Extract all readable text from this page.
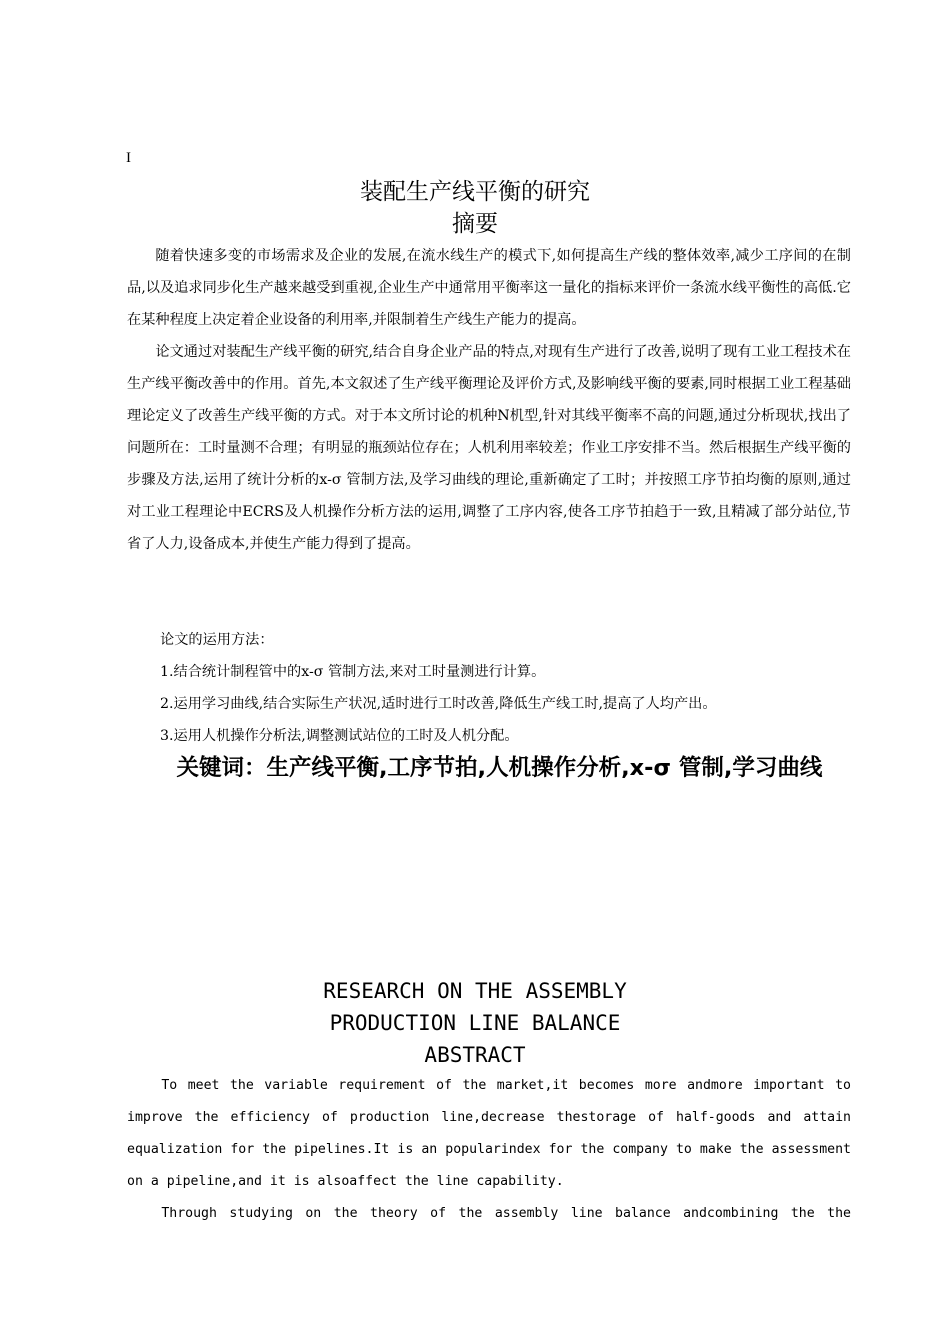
I
装配生产线平衡的研究
摘要

随着快速多变的市场需求及企业的发展,在流水线生产的模式下,如何提高生产线的整体效率,减少工序间的在制品,以及追求同步化生产越来越受到重视,企业生产中通常用平衡率这一量化的指标来评价一条流水线平衡性的高低.它在某种程度上决定着企业设备的利用率,并限制着生产线生产能力的提高。

论文通过对装配生产线平衡的研究,结合自身企业产品的特点,对现有生产进行了改善,说明了现有工业工程技术在生产线平衡改善中的作用。首先,本文叙述了生产线平衡理论及评价方式,及影响线平衡的要素,同时根据工业工程基础理论定义了改善生产线平衡的方式。对于本文所讨论的机种N机型,针对其线平衡率不高的问题,通过分析现状,找出了问题所在：工时量测不合理；有明显的瓶颈站位存在；人机利用率较差；作业工序安排不当。然后根据生产线平衡的步骤及方法,运用了统计分析的x-σ 管制方法,及学习曲线的理论,重新确定了工时；并按照工序节拍均衡的原则,通过对工业工程理论中ECRS及人机操作分析方法的运用,调整了工序内容,使各工序节拍趋于一致,且精减了部分站位,节省了人力,设备成本,并使生产能力得到了提高。

论文的运用方法：
1.结合统计制程管中的x-σ 管制方法,来对工时量测进行计算。
2.运用学习曲线,结合实际生产状况,适时进行工时改善,降低生产线工时,提高了人均产出。
3.运用人机操作分析法,调整测试站位的工时及人机分配。
关键词：生产线平衡,工序节拍,人机操作分析,x-σ 管制,学习曲线
RESEARCH ON THE ASSEMBLY
PRODUCTION LINE BALANCE
ABSTRACT

To meet the variable requirement of the market,it becomes more andmore important to improve the efficiency of production line,decrease thestorage of half-goods and attain equalization for the pipelines.It is an popularindex for the company to make the assessment on a pipeline,and it is alsoaffect the line capability.

Through studying on the theory of the assembly line balance andcombining the the
